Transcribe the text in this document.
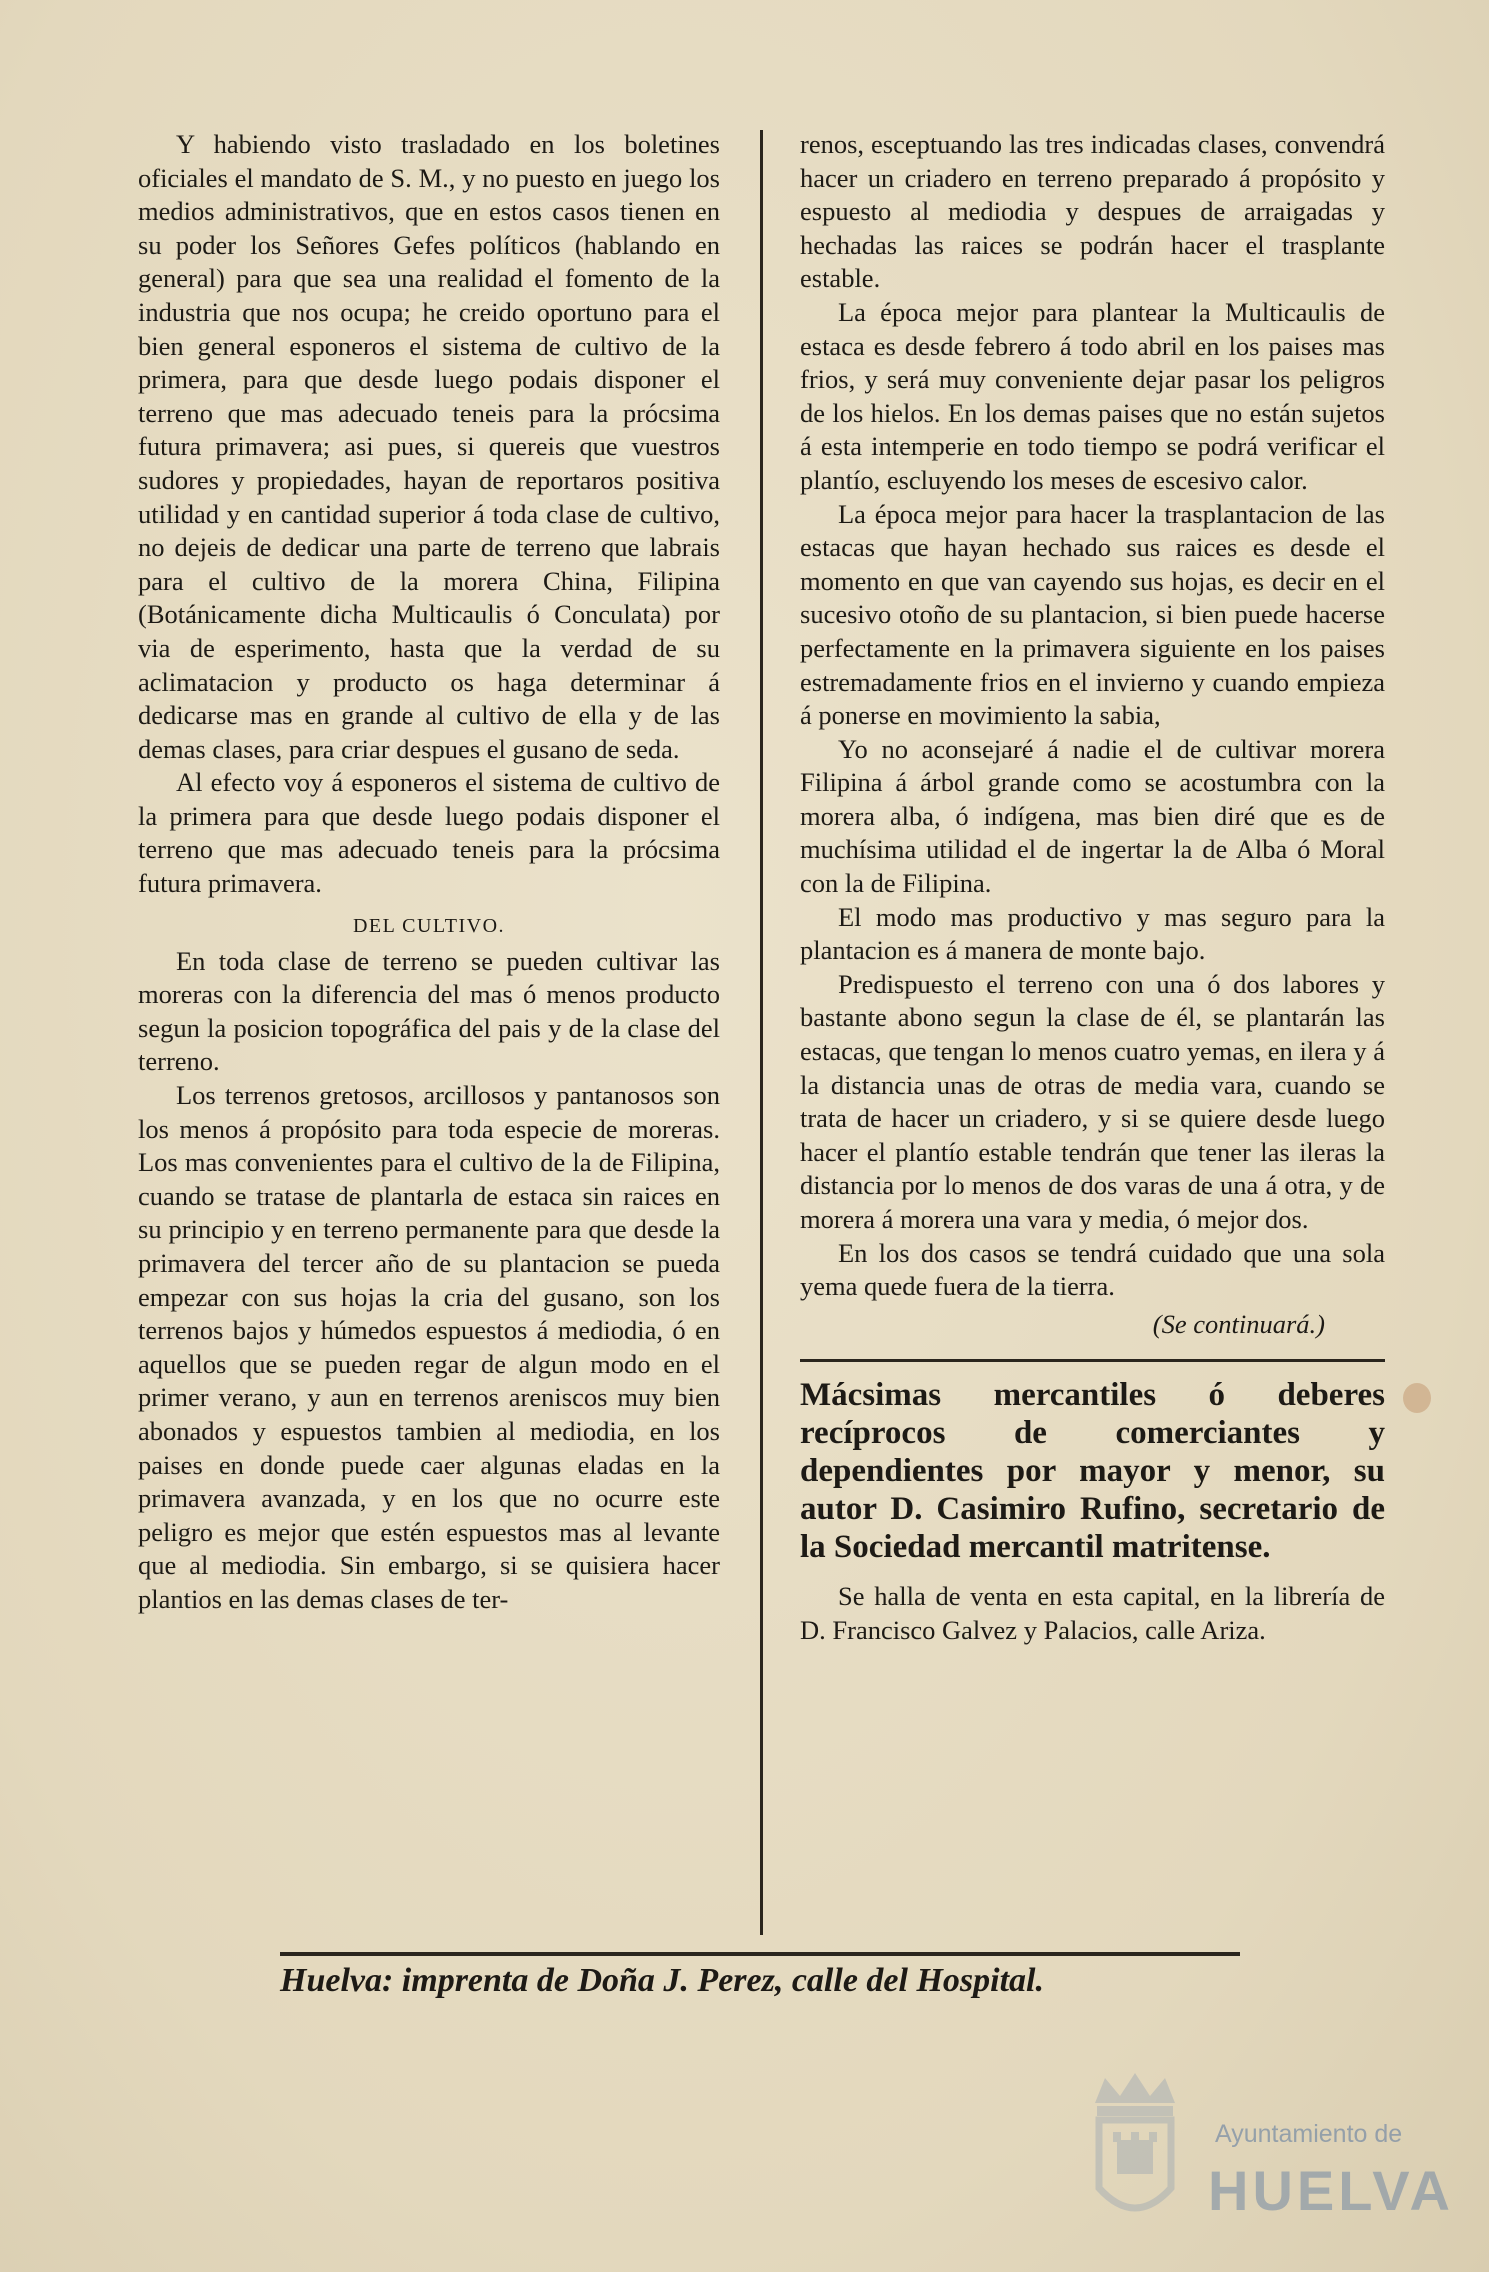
Y habiendo visto trasladado en los boletines oficiales el mandato de S. M., y no puesto en juego los medios administrativos, que en estos casos tienen en su poder los Señores Gefes políticos (hablando en general) para que sea una realidad el fomento de la industria que nos ocupa; he creido oportuno para el bien general esponeros el sistema de cultivo de la primera, para que desde luego podais disponer el terreno que mas adecuado teneis para la prócsima futura primavera; asi pues, si quereis que vuestros sudores y propiedades, hayan de reportaros positiva utilidad y en cantidad superior á toda clase de cultivo, no dejeis de dedicar una parte de terreno que labrais para el cultivo de la morera China, Filipina (Botánicamente dicha Multicaulis ó Conculata) por via de esperimento, hasta que la verdad de su aclimatacion y producto os haga determinar á dedicarse mas en grande al cultivo de ella y de las demas clases, para criar despues el gusano de seda.

Al efecto voy á esponeros el sistema de cultivo de la primera para que desde luego podais disponer el terreno que mas adecuado teneis para la prócsima futura primavera.

DEL CULTIVO.

En toda clase de terreno se pueden cultivar las moreras con la diferencia del mas ó menos producto segun la posicion topográfica del pais y de la clase del terreno.

Los terrenos gretosos, arcillosos y pantanosos son los menos á propósito para toda especie de moreras. Los mas convenientes para el cultivo de la de Filipina, cuando se tratase de plantarla de estaca sin raices en su principio y en terreno permanente para que desde la primavera del tercer año de su plantacion se pueda empezar con sus hojas la cria del gusano, son los terrenos bajos y húmedos espuestos á mediodia, ó en aquellos que se pueden regar de algun modo en el primer verano, y aun en terrenos areniscos muy bien abonados y espuestos tambien al mediodia, en los paises en donde puede caer algunas eladas en la primavera avanzada, y en los que no ocurre este peligro es mejor que estén espuestos mas al levante que al mediodia. Sin embargo, si se quisiera hacer plantios en las demas clases de ter-

renos, esceptuando las tres indicadas clases, convendrá hacer un criadero en terreno preparado á propósito y espuesto al mediodia y despues de arraigadas y hechadas las raices se podrán hacer el trasplante estable.

La época mejor para plantear la Multicaulis de estaca es desde febrero á todo abril en los paises mas frios, y será muy conveniente dejar pasar los peligros de los hielos. En los demas paises que no están sujetos á esta intemperie en todo tiempo se podrá verificar el plantío, escluyendo los meses de escesivo calor.

La época mejor para hacer la trasplantacion de las estacas que hayan hechado sus raices es desde el momento en que van cayendo sus hojas, es decir en el sucesivo otoño de su plantacion, si bien puede hacerse perfectamente en la primavera siguiente en los paises estremadamente frios en el invierno y cuando empieza á ponerse en movimiento la sabia,

Yo no aconsejaré á nadie el de cultivar morera Filipina á árbol grande como se acostumbra con la morera alba, ó indígena, mas bien diré que es de muchísima utilidad el de ingertar la de Alba ó Moral con la de Filipina.

El modo mas productivo y mas seguro para la plantacion es á manera de monte bajo.

Predispuesto el terreno con una ó dos labores y bastante abono segun la clase de él, se plantarán las estacas, que tengan lo menos cuatro yemas, en ilera y á la distancia unas de otras de media vara, cuando se trata de hacer un criadero, y si se quiere desde luego hacer el plantío estable tendrán que tener las ileras la distancia por lo menos de dos varas de una á otra, y de morera á morera una vara y media, ó mejor dos.

En los dos casos se tendrá cuidado que una sola yema quede fuera de la tierra.

(Se continuará.)

Mácsimas mercantiles ó deberes recíprocos de comerciantes y dependientes por mayor y menor, su autor D. Casimiro Rufino, secretario de la Sociedad mercantil matritense.

Se halla de venta en esta capital, en la librería de D. Francisco Galvez y Palacios, calle Ariza.

Huelva: imprenta de Doña J. Perez, calle del Hospital.
Ayuntamiento de
HUELVA
